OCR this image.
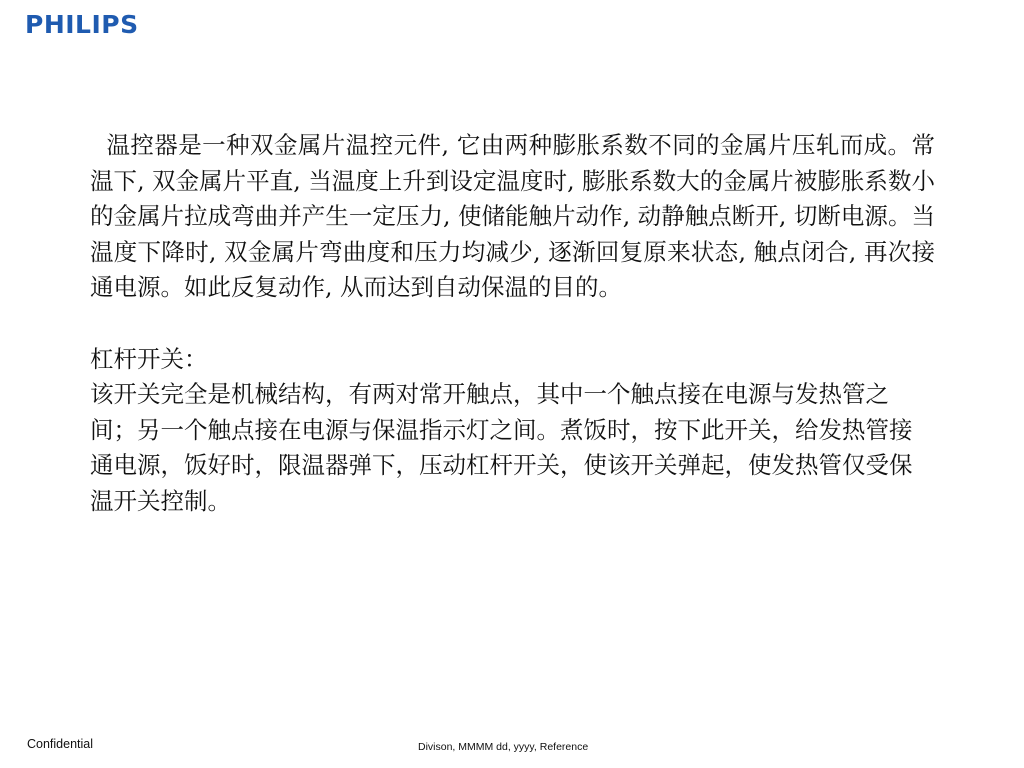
PHILIPS

温控器是一种双金属片温控元件, 它由两种膨胀系数不同的金属片压轧而成。常温下, 双金属片平直, 当温度上升到设定温度时, 膨胀系数大的金属片被膨胀系数小的金属片拉成弯曲并产生一定压力, 使储能触片动作, 动静触点断开, 切断电源。当温度下降时, 双金属片弯曲度和压力均减少, 逐渐回复原来状态, 触点闭合, 再次接通电源。如此反复动作, 从而达到自动保温的目的。

杠杆开关：

该开关完全是机械结构，有两对常开触点，其中一个触点接在电源与发热管之间；另一个触点接在电源与保温指示灯之间。煮饭时，按下此开关，给发热管接通电源，饭好时，限温器弹下，压动杠杆开关，使该开关弹起，使发热管仅受保温开关控制。

Confidential	Divison, MMMM dd, yyyy, Reference
